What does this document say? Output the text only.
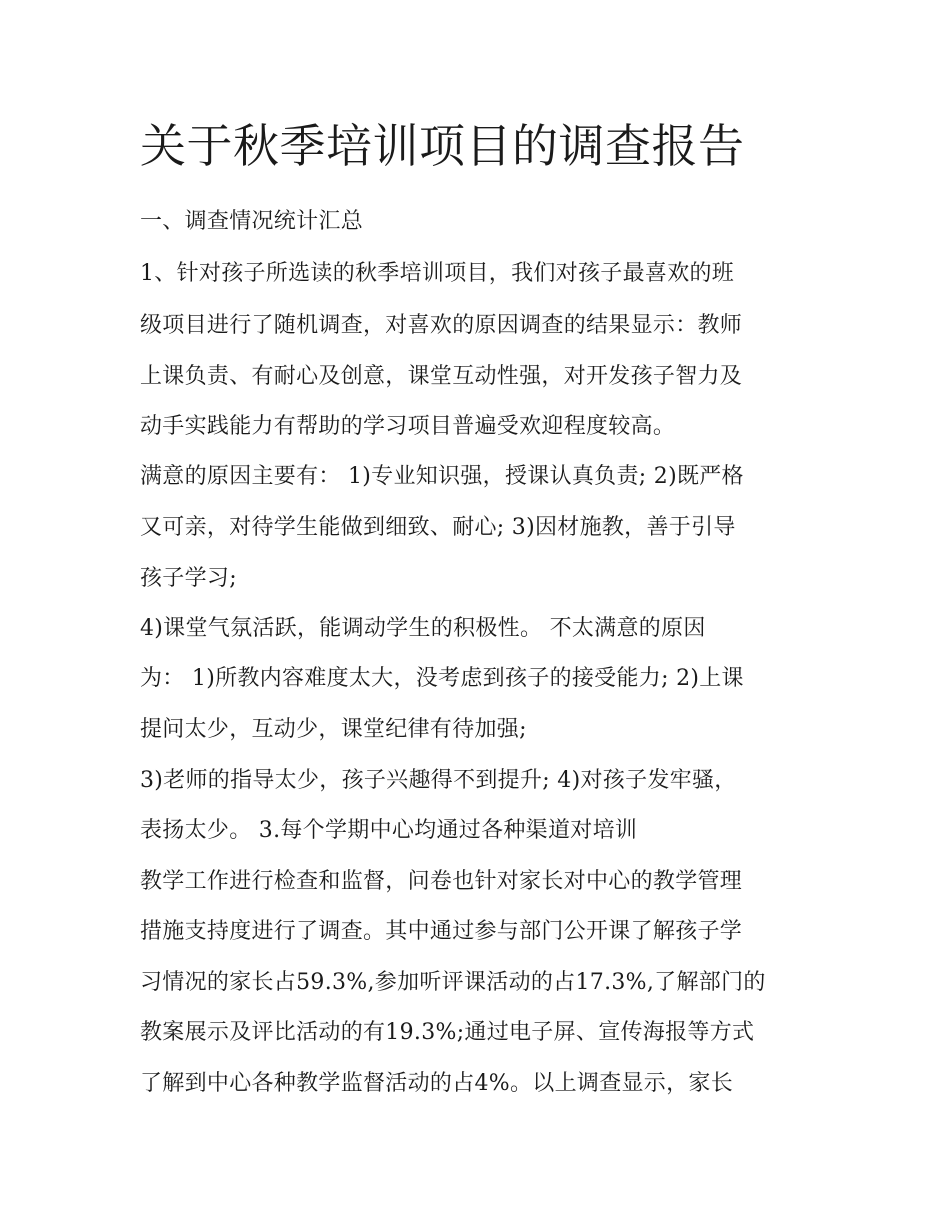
关于秋季培训项目的调查报告

一、调查情况统计汇总

1、针对孩子所选读的秋季培训项目，我们对孩子最喜欢的班

级项目进行了随机调查，对喜欢的原因调查的结果显示：教师

上课负责、有耐心及创意，课堂互动性强，对开发孩子智力及

动手实践能力有帮助的学习项目普遍受欢迎程度较高。

满意的原因主要有： 1)专业知识强，授课认真负责; 2)既严格

又可亲，对待学生能做到细致、耐心; 3)因材施教，善于引导

孩子学习;

4)课堂气氛活跃，能调动学生的积极性。 不太满意的原因

为： 1)所教内容难度太大，没考虑到孩子的接受能力; 2)上课

提问太少，互动少，课堂纪律有待加强;

3)老师的指导太少，孩子兴趣得不到提升; 4)对孩子发牢骚，

表扬太少。 3.每个学期中心均通过各种渠道对培训

教学工作进行检查和监督，问卷也针对家长对中心的教学管理

措施支持度进行了调查。其中通过参与部门公开课了解孩子学

习情况的家长占59.3%,参加听评课活动的占17.3%,了解部门的

教案展示及评比活动的有19.3%;通过电子屏、宣传海报等方式

了解到中心各种教学监督活动的占4%。以上调查显示，家长
